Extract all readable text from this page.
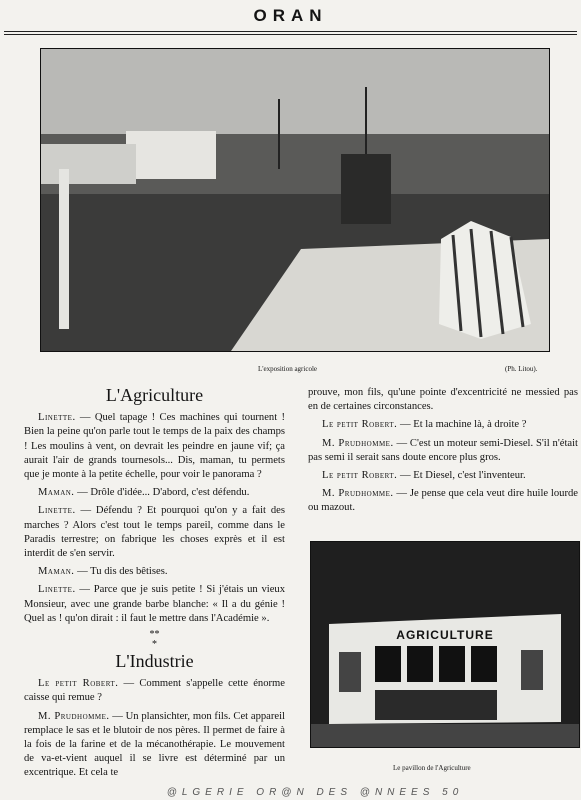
ORAN
L'exposition agricole	(Ph. Litou).
L'Agriculture

Linette. — Quel tapage ! Ces machines qui tournent ! Bien la peine qu'on parle tout le temps de la paix des champs ! Les moulins à vent, on devrait les peindre en jaune vif; ça aurait l'air de grands tournesols... Dis, maman, tu permets que je monte à la petite échelle, pour voir le panorama ?

Maman. — Drôle d'idée... D'abord, c'est défendu.

Linette. — Défendu ? Et pourquoi qu'on y a fait des marches ? Alors c'est tout le temps pareil, comme dans le Paradis terrestre; on fabrique les choses exprès et il est interdit de s'en servir.

Maman. — Tu dis des bêtises.

Linette. — Parce que je suis petite ! Si j'étais un vieux Monsieur, avec une grande barbe blanche: « Il a du génie ! Quel as ! qu'on dirait : il faut le mettre dans l'Académie ».

**
*
L'Industrie

Le petit Robert. — Comment s'appelle cette énorme caisse qui remue ?

M. Prudhomme. — Un plansichter, mon fils. Cet appareil remplace le sas et le blutoir de nos pères. Il permet de faire à la fois de la farine et de la mécanothérapie. Le mouvement de va-et-vient auquel il se livre est déterminé par un excentrique. Et cela te

prouve, mon fils, qu'une pointe d'excentricité ne messied pas en de certaines circonstances.

Le petit Robert. — Et la machine là, à droite ?

M. Prudhomme. — C'est un moteur semi-Diesel. S'il n'était pas semi il serait sans doute encore plus gros.

Le petit Robert. — Et Diesel, c'est l'inventeur.

M. Prudhomme. — Je pense que cela veut dire huile lourde ou mazout.

AGRICULTURE
Le pavillon de l'Agriculture
@LGERIE OR@N DES @NNEES 50
